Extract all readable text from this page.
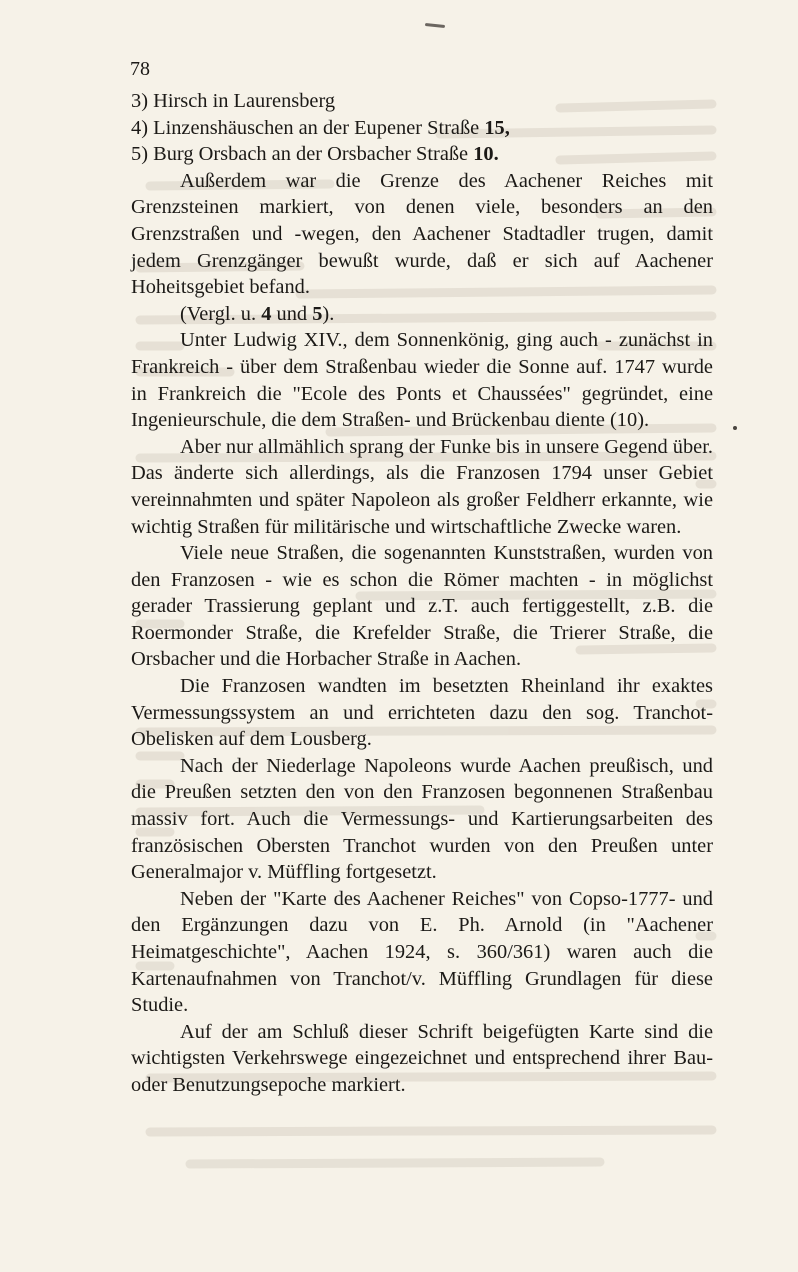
78

3) Hirsch in Laurensberg

4) Linzenshäuschen an der Eupener Straße 15,

5) Burg Orsbach an der Orsbacher Straße 10.

Außerdem war die Grenze des Aachener Reiches mit Grenzsteinen markiert, von denen viele, besonders an den Grenzstraßen und -wegen, den Aachener Stadtadler trugen, damit jedem Grenzgänger bewußt wurde, daß er sich auf Aachener Hoheitsgebiet befand.

(Vergl. u. 4 und 5).

Unter Ludwig XIV., dem Sonnenkönig, ging auch - zunächst in Frankreich - über dem Straßenbau wieder die Sonne auf. 1747 wurde in Frankreich die "Ecole des Ponts et Chaussées" gegründet, eine Ingenieurschule, die dem Straßen- und Brückenbau diente (10).

Aber nur allmählich sprang der Funke bis in unsere Gegend über. Das änderte sich allerdings, als die Franzosen 1794 unser Gebiet vereinnahmten und später Napoleon als großer Feldherr erkannte, wie wichtig Straßen für militärische und wirtschaftliche Zwecke waren.

Viele neue Straßen, die sogenannten Kunststraßen, wurden von den Franzosen - wie es schon die Römer machten - in möglichst gerader Trassierung geplant und z.T. auch fertiggestellt, z.B. die Roermonder Straße, die Krefelder Straße, die Trierer Straße, die Orsbacher und die Horbacher Straße in Aachen.

Die Franzosen wandten im besetzten Rheinland ihr exaktes Vermessungssystem an und errichteten dazu den sog. Tranchot-Obelisken auf dem Lousberg.

Nach der Niederlage Napoleons wurde Aachen preußisch, und die Preußen setzten den von den Franzosen begonnenen Straßenbau massiv fort. Auch die Vermessungs- und Kartierungsarbeiten des französischen Obersten Tranchot wurden von den Preußen unter Generalmajor v. Müffling fortgesetzt.

Neben der "Karte des Aachener Reiches" von Copso-1777- und den Ergänzungen dazu von E. Ph. Arnold (in "Aachener Heimatgeschichte", Aachen 1924, s. 360/361) waren auch die Kartenaufnahmen von Tranchot/v. Müffling Grundlagen für diese Studie.

Auf der am Schluß dieser Schrift beigefügten Karte sind die wichtigsten Verkehrswege eingezeichnet und entsprechend ihrer Bau- oder Benutzungsepoche markiert.
